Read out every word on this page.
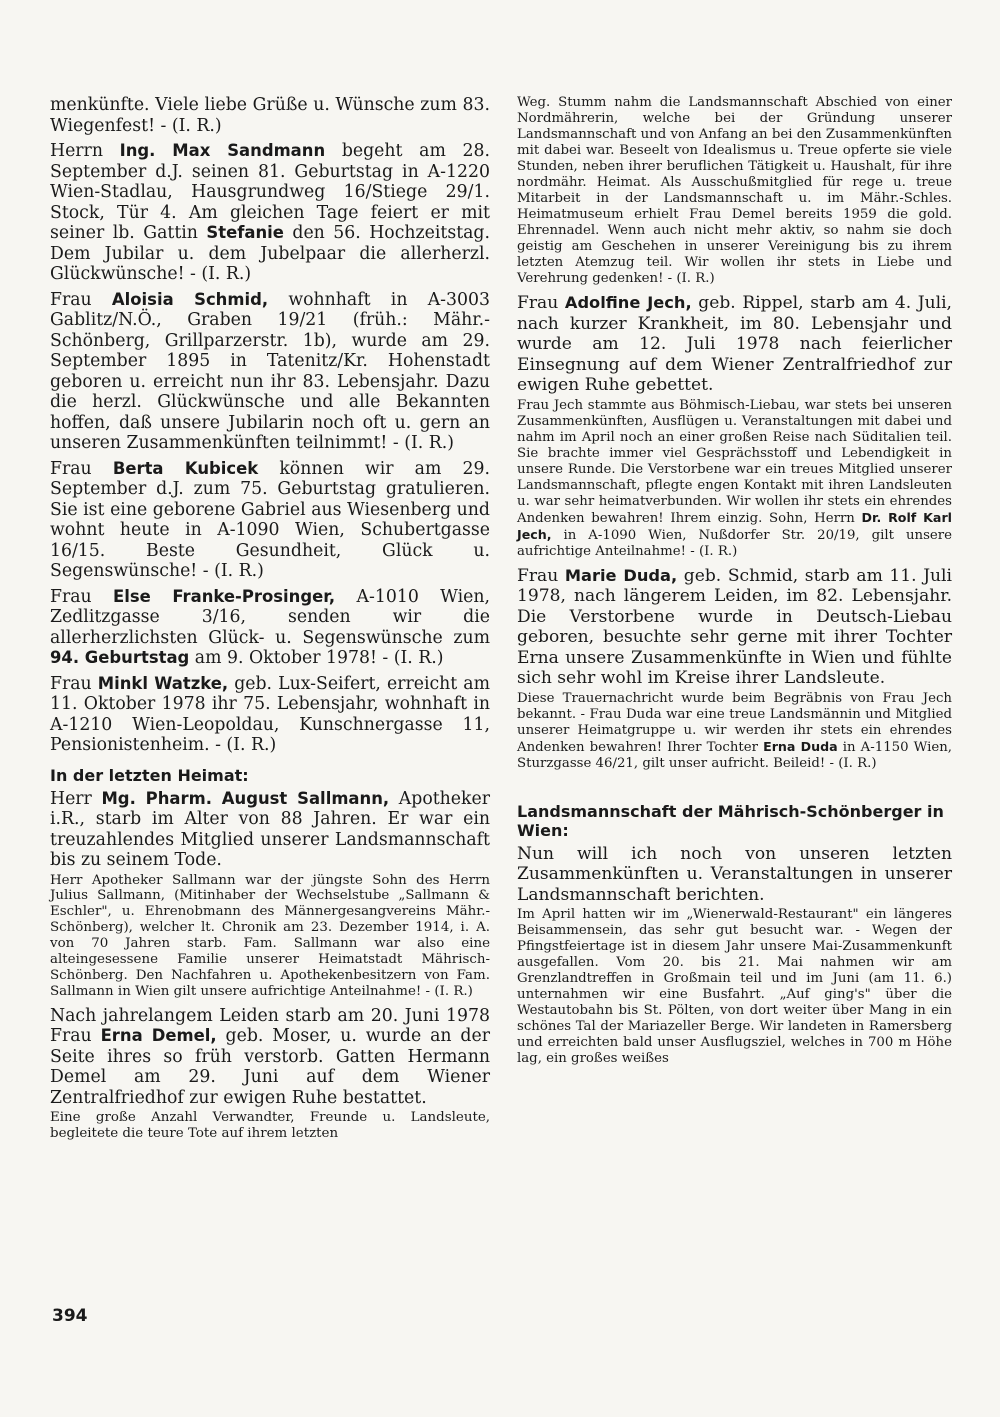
menkünfte. Viele liebe Grüße u. Wünsche zum 83. Wiegenfest! - (I. R.)

Herrn Ing. Max Sandmann begeht am 28. September d.J. seinen 81. Geburtstag in A-1220 Wien-Stadlau, Hausgrundweg 16/Stiege 29/1. Stock, Tür 4. Am gleichen Tage feiert er mit seiner lb. Gattin Stefanie den 56. Hochzeitstag. Dem Jubilar u. dem Jubelpaar die allerherzl. Glückwünsche! - (I. R.)

Frau Aloisia Schmid, wohnhaft in A-3003 Gablitz/N.Ö., Graben 19/21 (früh.: Mähr.-Schönberg, Grillparzerstr. 1b), wurde am 29. September 1895 in Tatenitz/Kr. Hohenstadt geboren u. erreicht nun ihr 83. Lebensjahr. Dazu die herzl. Glückwünsche und alle Bekannten hoffen, daß unsere Jubilarin noch oft u. gern an unseren Zusammenkünften teilnimmt! - (I. R.)

Frau Berta Kubicek können wir am 29. September d.J. zum 75. Geburtstag gratulieren. Sie ist eine geborene Gabriel aus Wiesenberg und wohnt heute in A-1090 Wien, Schubertgasse 16/15. Beste Gesundheit, Glück u. Segenswünsche! - (I. R.)

Frau Else Franke-Prosinger, A-1010 Wien, Zedlitzgasse 3/16, senden wir die allerherzlichsten Glück- u. Segenswünsche zum 94. Geburtstag am 9. Oktober 1978! - (I. R.)

Frau Minkl Watzke, geb. Lux-Seifert, erreicht am 11. Oktober 1978 ihr 75. Lebensjahr, wohnhaft in A-1210 Wien-Leopoldau, Kunschnergasse 11, Pensionistenheim. - (I. R.)

In der letzten Heimat:

Herr Mg. Pharm. August Sallmann, Apotheker i.R., starb im Alter von 88 Jahren. Er war ein treuzahlendes Mitglied unserer Landsmannschaft bis zu seinem Tode.

Herr Apotheker Sallmann war der jüngste Sohn des Herrn Julius Sallmann, (Mitinhaber der Wechselstube „Sallmann & Eschler", u. Ehrenobmann des Männergesangvereins Mähr.-Schönberg), welcher lt. Chronik am 23. Dezember 1914, i. A. von 70 Jahren starb. Fam. Sallmann war also eine alteingesessene Familie unserer Heimatstadt Mährisch-Schönberg. Den Nachfahren u. Apothekenbesitzern von Fam. Sallmann in Wien gilt unsere aufrichtige Anteilnahme! - (I. R.)

Nach jahrelangem Leiden starb am 20. Juni 1978 Frau Erna Demel, geb. Moser, u. wurde an der Seite ihres so früh verstorb. Gatten Hermann Demel am 29. Juni auf dem Wiener Zentralfriedhof zur ewigen Ruhe bestattet.

Eine große Anzahl Verwandter, Freunde u. Landsleute, begleitete die teure Tote auf ihrem letzten

Weg. Stumm nahm die Landsmannschaft Abschied von einer Nordmährerin, welche bei der Gründung unserer Landsmannschaft und von Anfang an bei den Zusammenkünften mit dabei war. Beseelt von Idealismus u. Treue opferte sie viele Stunden, neben ihrer beruflichen Tätigkeit u. Haushalt, für ihre nordmähr. Heimat. Als Ausschußmitglied für rege u. treue Mitarbeit in der Landsmannschaft u. im Mähr.-Schles. Heimatmuseum erhielt Frau Demel bereits 1959 die gold. Ehrennadel. Wenn auch nicht mehr aktiv, so nahm sie doch geistig am Geschehen in unserer Vereinigung bis zu ihrem letzten Atemzug teil. Wir wollen ihr stets in Liebe und Verehrung gedenken! - (I. R.)

Frau Adolfine Jech, geb. Rippel, starb am 4. Juli, nach kurzer Krankheit, im 80. Lebensjahr und wurde am 12. Juli 1978 nach feierlicher Einsegnung auf dem Wiener Zentralfriedhof zur ewigen Ruhe gebettet.

Frau Jech stammte aus Böhmisch-Liebau, war stets bei unseren Zusammenkünften, Ausflügen u. Veranstaltungen mit dabei und nahm im April noch an einer großen Reise nach Süditalien teil. Sie brachte immer viel Gesprächsstoff und Lebendigkeit in unsere Runde. Die Verstorbene war ein treues Mitglied unserer Landsmannschaft, pflegte engen Kontakt mit ihren Landsleuten u. war sehr heimatverbunden. Wir wollen ihr stets ein ehrendes Andenken bewahren! Ihrem einzig. Sohn, Herrn Dr. Rolf Karl Jech, in A-1090 Wien, Nußdorfer Str. 20/19, gilt unsere aufrichtige Anteilnahme! - (I. R.)

Frau Marie Duda, geb. Schmid, starb am 11. Juli 1978, nach längerem Leiden, im 82. Lebensjahr. Die Verstorbene wurde in Deutsch-Liebau geboren, besuchte sehr gerne mit ihrer Tochter Erna unsere Zusammenkünfte in Wien und fühlte sich sehr wohl im Kreise ihrer Landsleute.

Diese Trauernachricht wurde beim Begräbnis von Frau Jech bekannt. - Frau Duda war eine treue Landsmännin und Mitglied unserer Heimatgruppe u. wir werden ihr stets ein ehrendes Andenken bewahren! Ihrer Tochter Erna Duda in A-1150 Wien, Sturzgasse 46/21, gilt unser aufricht. Beileid! - (I. R.)

Landsmannschaft der Mährisch-Schönberger in Wien:

Nun will ich noch von unseren letzten Zusammenkünften u. Veranstaltungen in unserer Landsmannschaft berichten.

Im April hatten wir im „Wienerwald-Restaurant" ein längeres Beisammensein, das sehr gut besucht war. - Wegen der Pfingstfeiertage ist in diesem Jahr unsere Mai-Zusammenkunft ausgefallen. Vom 20. bis 21. Mai nahmen wir am Grenzlandtreffen in Großmain teil und im Juni (am 11. 6.) unternahmen wir eine Busfahrt. „Auf ging's" über die Westautobahn bis St. Pölten, von dort weiter über Mang in ein schönes Tal der Mariazeller Berge. Wir landeten in Ramersberg und erreichten bald unser Ausflugsziel, welches in 700 m Höhe lag, ein großes weißes

394
